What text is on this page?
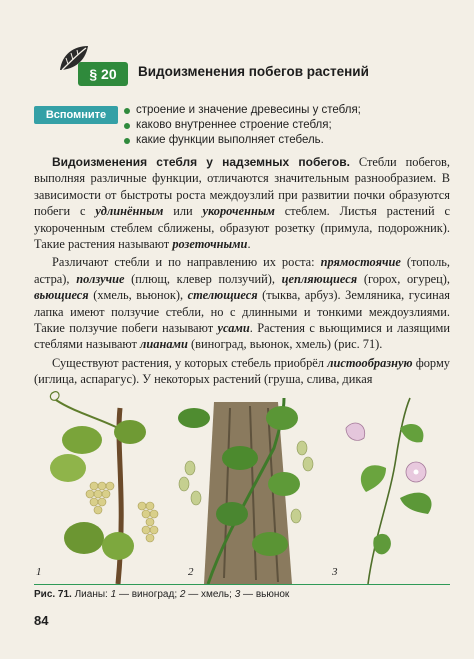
§ 20	Видоизменения побегов растений
Вспомните	строение и значение древесины у стебля;
каково внутреннее строение стебля;
какие функции выполняет стебель.

Видоизменения стебля у надземных побегов. Стебли побегов, выполняя различные функции, отличаются значительным разнообразием. В зависимости от быстроты роста междоузлий при развитии почки образуются побеги с удлинённым или укороченным стеблем. Листья растений с укороченным стеблем сближены, образуют розетку (примула, подорожник). Такие растения называют розеточными.

Различают стебли и по направлению их роста: прямостоячие (тополь, астра), ползучие (плющ, клевер ползучий), цепляющиеся (горох, огурец), вьющиеся (хмель, вьюнок), стелющиеся (тыква, арбуз). Земляника, гусиная лапка имеют ползучие стебли, но с длинными и тонкими междоузлиями. Такие ползучие побеги называют усами. Растения с вьющимися и лазящими стеблями называют лианами (виноград, вьюнок, хмель) (рис. 71).

Существуют растения, у которых стебель приобрёл листообразную форму (иглица, аспарагус). У некоторых растений (груша, слива, дикая

1	2	3
Рис. 71. Лианы: 1 — виноград; 2 — хмель; 3 — вьюнок
84
